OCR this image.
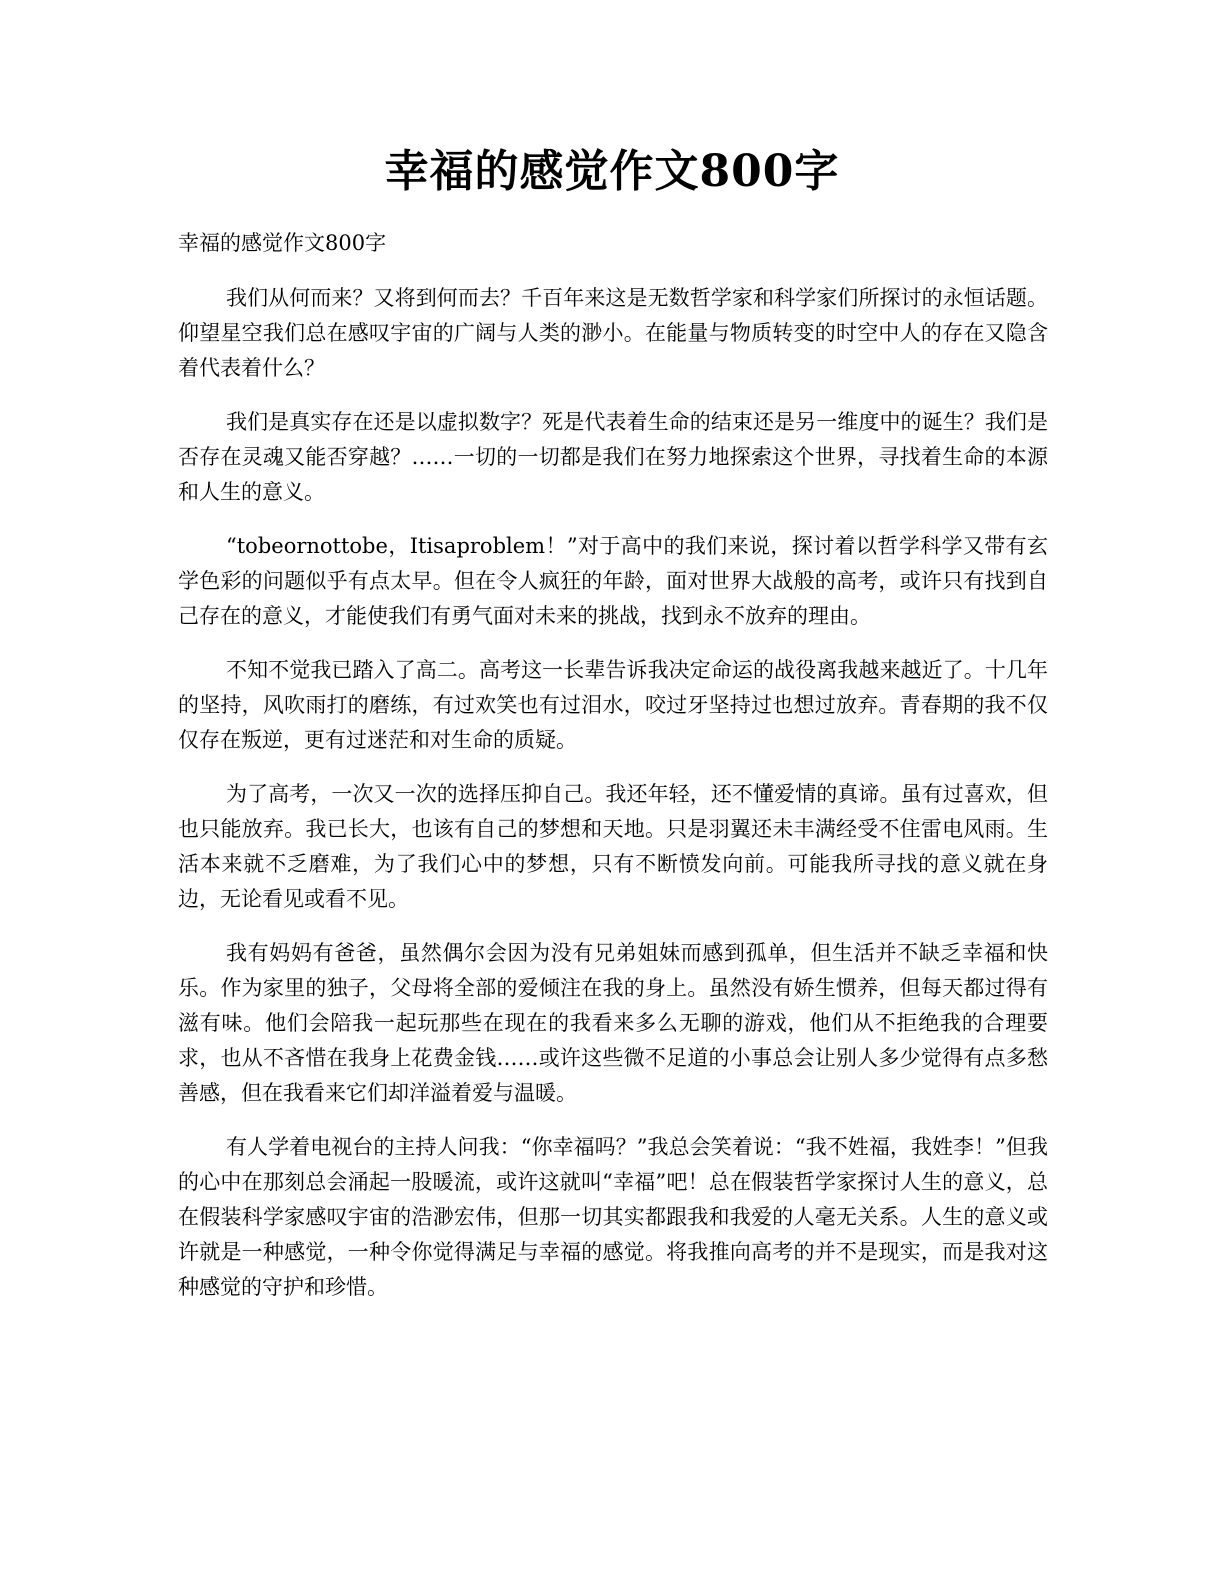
幸福的感觉作文800字

幸福的感觉作文800字

我们从何而来？又将到何而去？千百年来这是无数哲学家和科学家们所探讨的永恒话题。仰望星空我们总在感叹宇宙的广阔与人类的渺小。在能量与物质转变的时空中人的存在又隐含着代表着什么？

我们是真实存在还是以虚拟数字？死是代表着生命的结束还是另一维度中的诞生？我们是否存在灵魂又能否穿越？……一切的一切都是我们在努力地探索这个世界，寻找着生命的本源和人生的意义。

“tobeornottobe，Itisaproblem！”对于高中的我们来说，探讨着以哲学科学又带有玄学色彩的问题似乎有点太早。但在令人疯狂的年龄，面对世界大战般的高考，或许只有找到自己存在的意义，才能使我们有勇气面对未来的挑战，找到永不放弃的理由。

不知不觉我已踏入了高二。高考这一长辈告诉我决定命运的战役离我越来越近了。十几年的坚持，风吹雨打的磨练，有过欢笑也有过泪水，咬过牙坚持过也想过放弃。青春期的我不仅仅存在叛逆，更有过迷茫和对生命的质疑。

为了高考，一次又一次的选择压抑自己。我还年轻，还不懂爱情的真谛。虽有过喜欢，但也只能放弃。我已长大，也该有自己的梦想和天地。只是羽翼还未丰满经受不住雷电风雨。生活本来就不乏磨难，为了我们心中的梦想，只有不断愤发向前。可能我所寻找的意义就在身边，无论看见或看不见。

我有妈妈有爸爸，虽然偶尔会因为没有兄弟姐妹而感到孤单，但生活并不缺乏幸福和快乐。作为家里的独子，父母将全部的爱倾注在我的身上。虽然没有娇生惯养，但每天都过得有滋有味。他们会陪我一起玩那些在现在的我看来多么无聊的游戏，他们从不拒绝我的合理要求，也从不吝惜在我身上花费金钱……或许这些微不足道的小事总会让别人多少觉得有点多愁善感，但在我看来它们却洋溢着爱与温暖。

有人学着电视台的主持人问我：“你幸福吗？”我总会笑着说：“我不姓福，我姓李！”但我的心中在那刻总会涌起一股暖流，或许这就叫“幸福”吧！总在假装哲学家探讨人生的意义，总在假装科学家感叹宇宙的浩渺宏伟，但那一切其实都跟我和我爱的人毫无关系。人生的意义或许就是一种感觉，一种令你觉得满足与幸福的感觉。将我推向高考的并不是现实，而是我对这种感觉的守护和珍惜。
